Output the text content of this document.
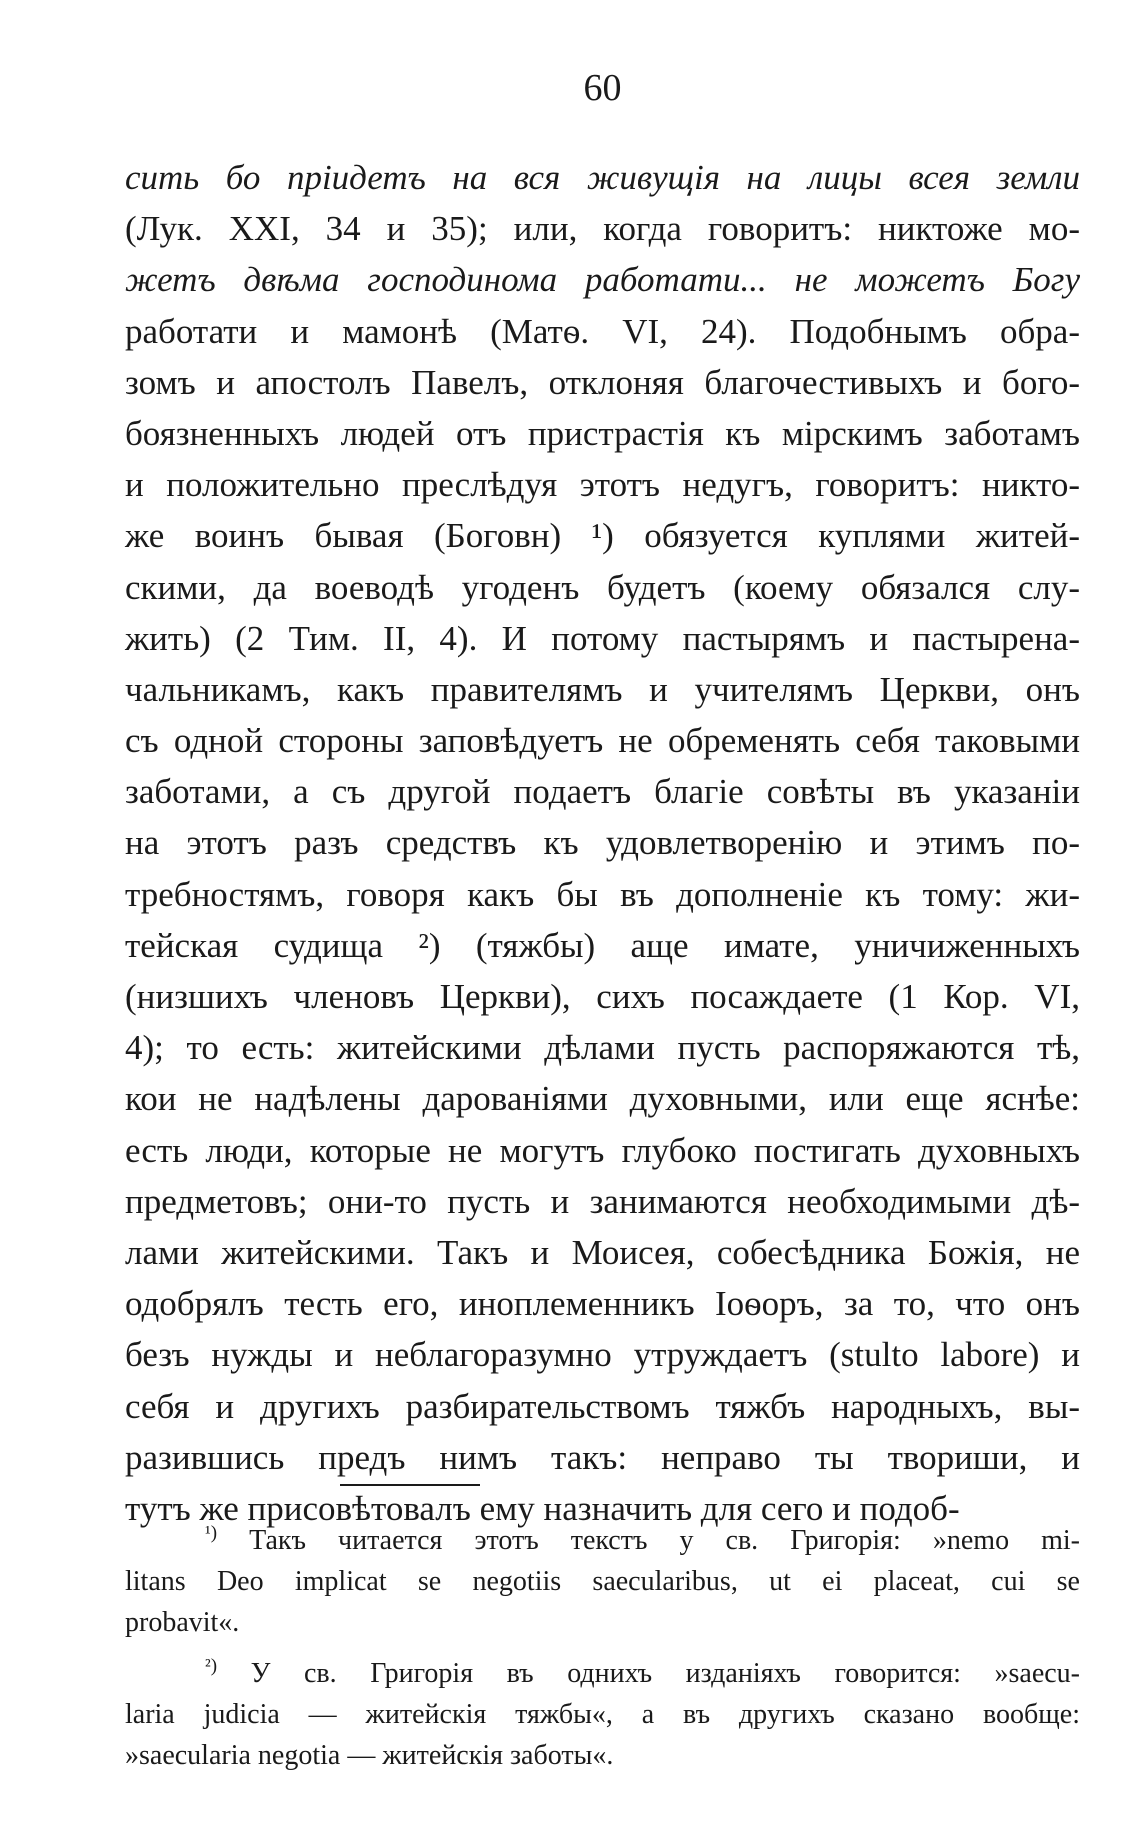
60
сить бо пріидетъ на вся живущія на лицы всея земли
(Лук. XXI, 34 и 35); или, когда говоритъ: никтоже мо-
жетъ двѣма господинома работати... не можетъ Богу
работати и мамонѣ (Матѳ. VI, 24). Подобнымъ обра-
зомъ и апостолъ Павелъ, отклоняя благочестивыхъ и бого-
боязненныхъ людей отъ пристрастія къ мірскимъ заботамъ
и положительно преслѣдуя этотъ недугъ, говоритъ: никто-
же воинъ бывая (Боговн) ¹) обязуется куплями житей-
скими, да воеводѣ угоденъ будетъ (коему обязался слу-
жить) (2 Тим. II, 4). И потому пастырямъ и пастырена-
чальникамъ, какъ правителямъ и учителямъ Церкви, онъ
съ одной стороны заповѣдуетъ не обременять себя таковыми
заботами, а съ другой подаетъ благіе совѣты въ указаніи
на этотъ разъ средствъ къ удовлетворенію и этимъ по-
требностямъ, говоря какъ бы въ дополненіе къ тому: жи-
тейская судища ²) (тяжбы) аще имате, уничиженныхъ
(низшихъ членовъ Церкви), сихъ посаждаете (1 Кор. VI,
4); то есть: житейскими дѣлами пусть распоряжаются тѣ,
кои не надѣлены дарованіями духовными, или еще яснѣе:
есть люди, которые не могутъ глубоко постигать духовныхъ
предметовъ; они-то пусть и занимаются необходимыми дѣ-
лами житейскими. Такъ и Моисея, собесѣдника Божія, не
одобрялъ тесть его, иноплеменникъ Іоѳоръ, за то, что онъ
безъ нужды и неблагоразумно утруждаетъ (stulto labore) и
себя и другихъ разбирательствомъ тяжбъ народныхъ, вы-
разившись предъ нимъ такъ: неправо ты твориши, и
тутъ же присовѣтовалъ ему назначить для сего и подоб-
$^{^1)}$ Такъ читается этотъ текстъ у св. Григорія: »nemo mi-
litans Deo implicat se negotiis saecularibus, ut ei placeat, cui se
probavit«.
$^{^2)}$ У св. Григорія въ однихъ изданіяхъ говорится: »saecu-
laria judicia — житейскія тяжбы«, а въ другихъ сказано вообще:
»saecularia negotia — житейскія заботы«.
